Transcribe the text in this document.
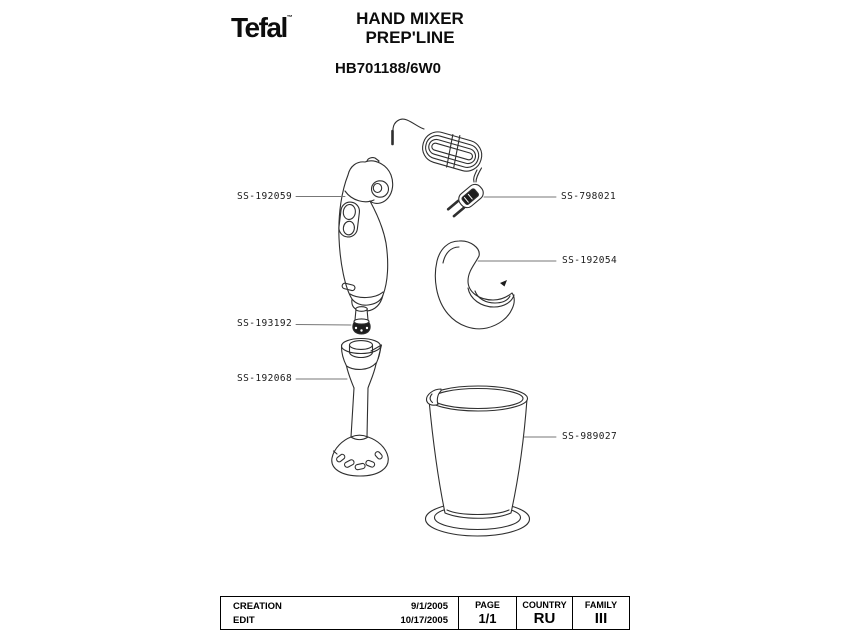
Tefal™	HAND MIXER
PREP'LINE
HB701188/6W0
SS-192059	SS-798021
SS-192054
SS-193192
SS-192068
SS-989027
CREATION	9/1/2005
EDIT	10/17/2005
PAGE
1/1
COUNTRY
RU
FAMILY
III
